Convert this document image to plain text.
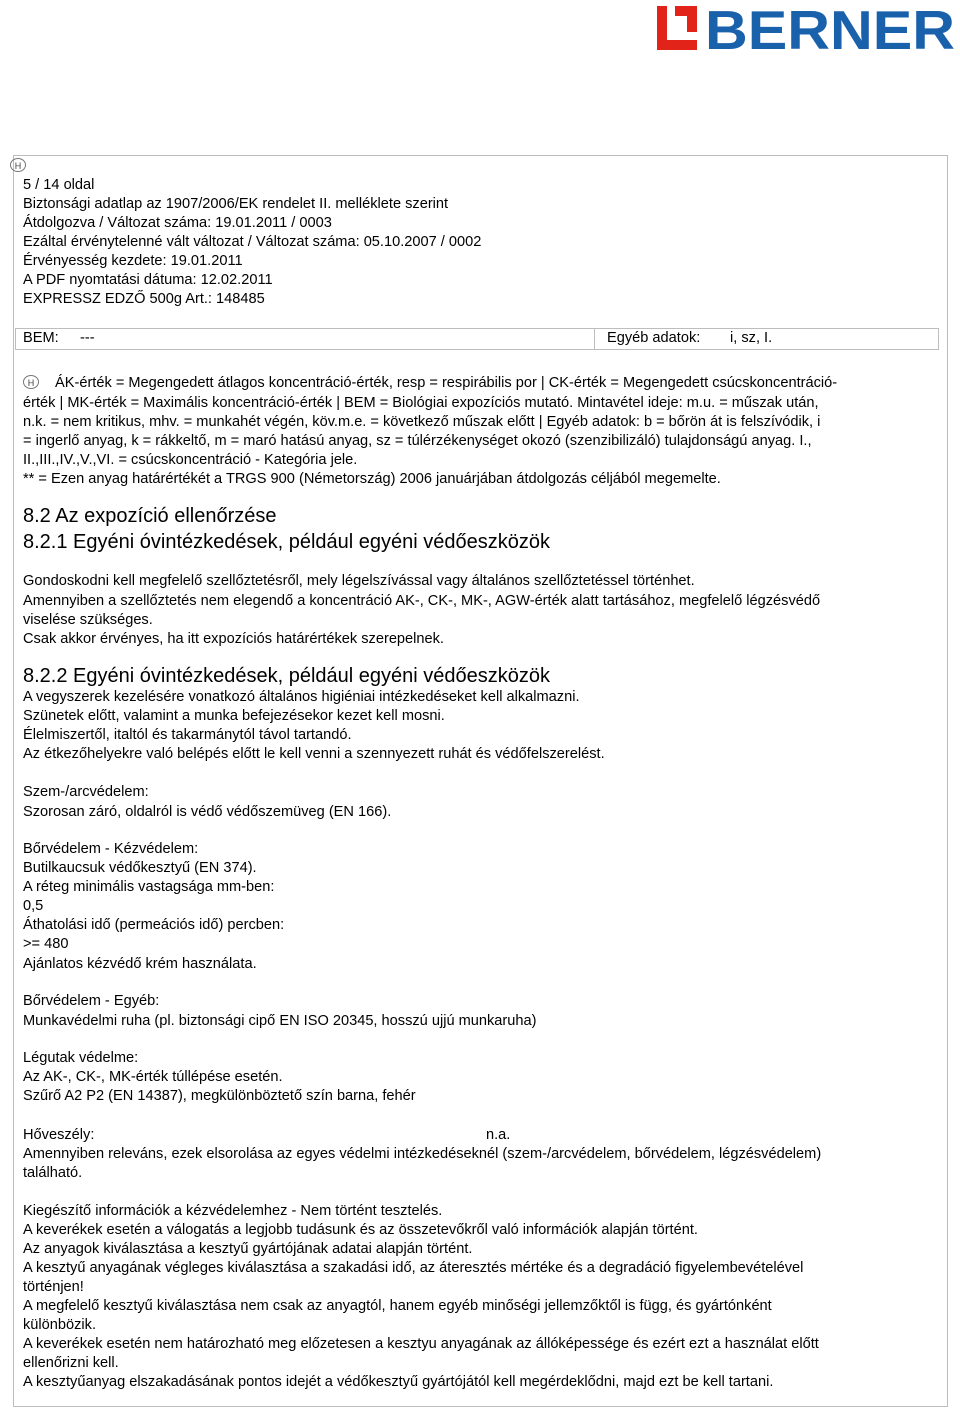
BERNER
H
5 / 14 oldal
Biztonsági adatlap az 1907/2006/EK rendelet II. melléklete szerint
Átdolgozva / Változat száma: 19.01.2011 / 0003
Ezáltal érvénytelenné vált változat / Változat száma: 05.10.2007 / 0002
Érvényesség kezdete: 19.01.2011
A PDF nyomtatási dátuma: 12.02.2011
EXPRESSZ EDZŐ 500g Art.: 148485
BEM: ---	Egyéb adatok: i, sz, I.
H	ÁK-érték = Megengedett átlagos koncentráció-érték, resp = respirábilis por | CK-érték = Megengedett csúcskoncentráció-
érték | MK-érték = Maximális koncentráció-érték | BEM = Biológiai expozíciós mutató. Mintavétel ideje: m.u. = műszak után,
n.k. = nem kritikus, mhv. = munkahét végén, köv.m.e. = következő műszak előtt | Egyéb adatok: b = bőrön át is felszívódik, i
= ingerlő anyag, k = rákkeltő, m = maró hatású anyag, sz = túlérzékenységet okozó (szenzibilizáló) tulajdonságú anyag. I.,
II.,III.,IV.,V.,VI. = csúcskoncentráció - Kategória jele.
** = Ezen anyag határértékét a TRGS 900 (Németország) 2006 januárjában átdolgozás céljából megemelte.
8.2 Az expozíció ellenőrzése
8.2.1 Egyéni óvintézkedések, például egyéni védőeszközök
Gondoskodni kell megfelelő szellőztetésről, mely légelszívással vagy általános szellőztetéssel történhet.
Amennyiben a szellőztetés nem elegendő a koncentráció AK-, CK-, MK-, AGW-érték alatt tartásához, megfelelő légzésvédő
viselése szükséges.
Csak akkor érvényes, ha itt expozíciós határértékek szerepelnek.
8.2.2 Egyéni óvintézkedések, például egyéni védőeszközök
A vegyszerek kezelésére vonatkozó általános higiéniai intézkedéseket kell alkalmazni.
Szünetek előtt, valamint a munka befejezésekor kezet kell mosni.
Élelmiszertől, italtól és takarmánytól távol tartandó.
Az étkezőhelyekre való belépés előtt le kell venni a szennyezett ruhát és védőfelszerelést.
Szem-/arcvédelem:
Szorosan záró, oldalról is védő védőszemüveg (EN 166).
Bőrvédelem - Kézvédelem:
Butilkaucsuk védőkesztyű (EN 374).
A réteg minimális vastagsága mm-ben:
0,5
Áthatolási idő (permeációs idő) percben:
>= 480
Ajánlatos kézvédő krém használata.
Bőrvédelem - Egyéb:
Munkavédelmi ruha (pl. biztonsági cipő EN ISO 20345, hosszú ujjú munkaruha)
Légutak védelme:
Az AK-, CK-, MK-érték túllépése esetén.
Szűrő A2 P2 (EN 14387), megkülönböztető szín barna, fehér
Hőveszély:	n.a.
Amennyiben releváns, ezek elsorolása az egyes védelmi intézkedéseknél (szem-/arcvédelem, bőrvédelem, légzésvédelem)
található.
Kiegészítő információk a kézvédelemhez - Nem történt tesztelés.
A keverékek esetén a válogatás a legjobb tudásunk és az összetevőkről való információk alapján történt.
Az anyagok kiválasztása a kesztyű gyártójának adatai alapján történt.
A kesztyű anyagának végleges kiválasztása a szakadási idő, az áteresztés mértéke és a degradáció figyelembevételével
történjen!
A megfelelő kesztyű kiválasztása nem csak az anyagtól, hanem egyéb minőségi jellemzőktől is függ, és gyártónként
különbözik.
A keverékek esetén nem határozható meg előzetesen a kesztyu anyagának az állóképessége és ezért ezt a használat előtt
ellenőrizni kell.
A kesztyűanyag elszakadásának pontos idejét a védőkesztyű gyártójától kell megérdeklődni, majd ezt be kell tartani.
